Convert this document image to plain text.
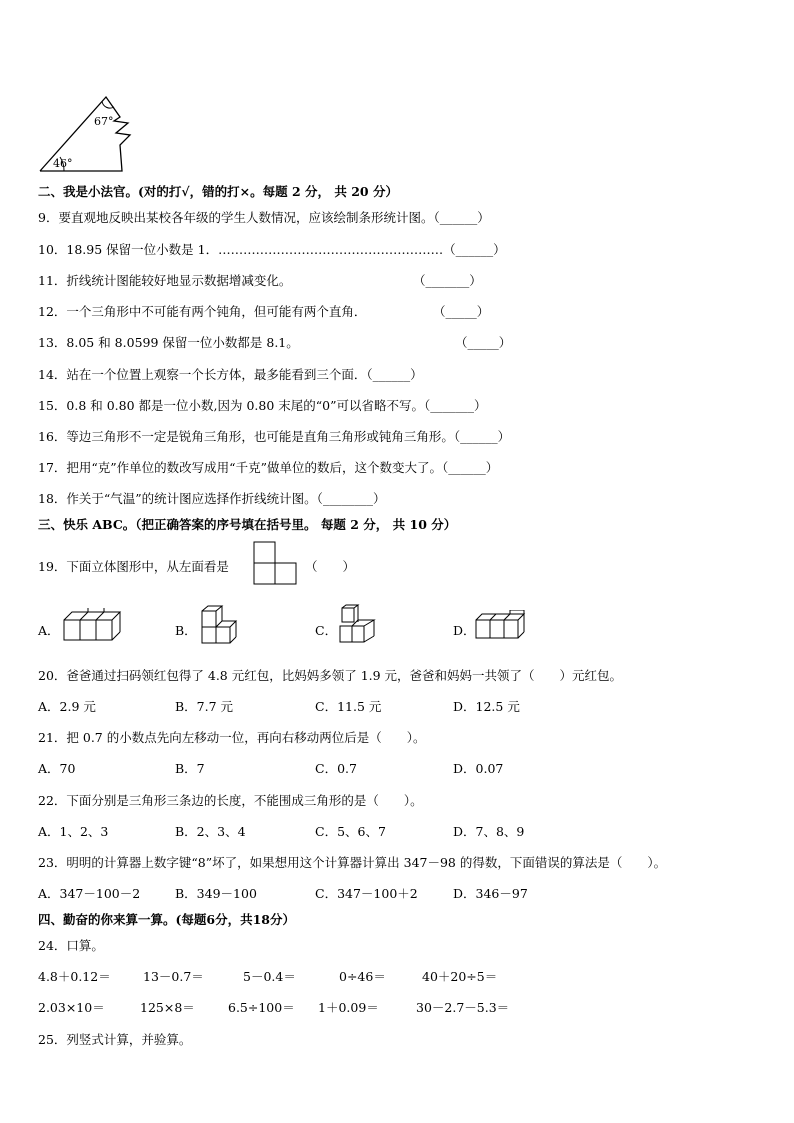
67°
46°
二、我是小法官。(对的打√，错的打×。每题 2 分， 共 20 分）
9．要直观地反映出某校各年级的学生人数情况，应该绘制条形统计图。（______）
10．18.95 保留一位小数是 1．………………………………………………（______）
11．折线统计图能较好地显示数据增减变化。	（_______）
12．一个三角形中不可能有两个钝角，但可能有两个直角．	（_____）
13．8.05 和 8.0599 保留一位小数都是 8.1。	（_____）
14．站在一个位置上观察一个长方体，最多能看到三个面．（______）
15．0.8 和 0.80 都是一位小数,因为 0.80 末尾的“0”可以省略不写。（_______）
16．等边三角形不一定是锐角三角形，也可能是直角三角形或钝角三角形。（______）
17．把用“克”作单位的数改写成用“千克”做单位的数后，这个数变大了。（______）
18．作关于“气温”的统计图应选择作折线统计图。（________）
三、快乐 ABC。（把正确答案的序号填在括号里。 每题 2 分， 共 10 分）
19．下面立体图形中，从左面看是	（　　）
A．	B．	C．	D．
20．爸爸通过扫码领红包得了 4.8 元红包，比妈妈多领了 1.9 元，爸爸和妈妈一共领了（　　）元红包。
A．2.9 元	B．7.7 元	C．11.5 元	D．12.5 元
21．把 0.7 的小数点先向左移动一位，再向右移动两位后是（　　）。
A．70	B．7	C．0.7	D．0.07
22．下面分别是三角形三条边的长度，不能围成三角形的是（　　）。
A．1、2、3	B．2、3、4	C．5、6、7	D．7、8、9
23．明明的计算器上数字键“8”坏了，如果想用这个计算器计算出 347－98 的得数，下面错误的算法是（　　）。
A．347－100－2	B．349－100	C．347－100＋2	D．346－97
四、勤奋的你来算一算。(每题6分，共18分）
24．口算。
4.8＋0.12＝	13－0.7＝	5－0.4＝	0÷46＝	40＋20÷5＝
2.03×10＝	125×8＝	6.5÷100＝ 1＋0.09＝	30－2.7－5.3＝
25．列竖式计算，并验算。
